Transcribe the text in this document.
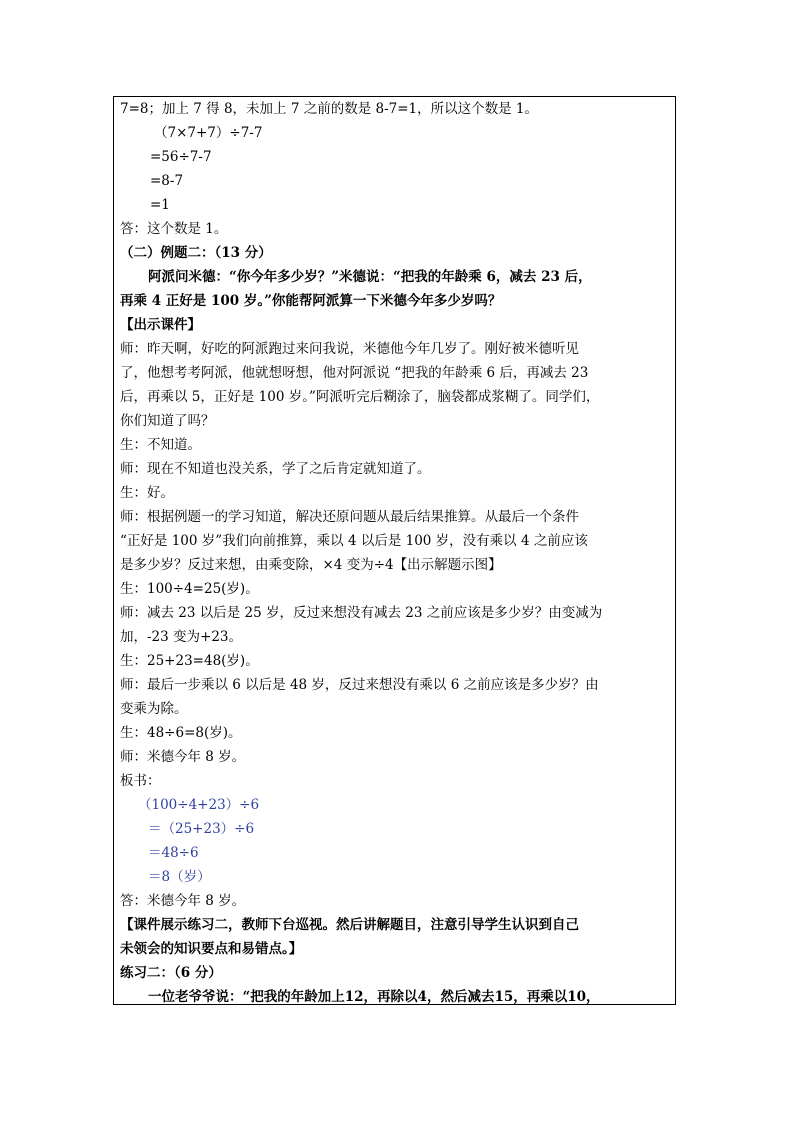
7=8；加上 7 得 8，未加上 7 之前的数是 8-7=1，所以这个数是 1。
（7×7+7）÷7-7
=56÷7-7
=8-7
=1
答：这个数是 1。
（二）例题二：（13 分）
阿派问米德：“你今年多少岁？”米德说：“把我的年龄乘 6，减去 23 后，
再乘 4 正好是 100 岁。”你能帮阿派算一下米德今年多少岁吗？
【出示课件】
师：昨天啊，好吃的阿派跑过来问我说，米德他今年几岁了。刚好被米德听见
了，他想考考阿派，他就想呀想，他对阿派说 “把我的年龄乘 6 后，再减去 23
后，再乘以 5，正好是 100 岁。”阿派听完后糊涂了，脑袋都成浆糊了。同学们，
你们知道了吗？
生：不知道。
师：现在不知道也没关系，学了之后肯定就知道了。
生：好。
师：根据例题一的学习知道，解决还原问题从最后结果推算。从最后一个条件
“正好是 100 岁”我们向前推算，乘以 4 以后是 100 岁，没有乘以 4 之前应该
是多少岁？反过来想，由乘变除，×4 变为÷4【出示解题示图】
生：100÷4=25(岁)。
师：减去 23 以后是 25 岁，反过来想没有减去 23 之前应该是多少岁？由变减为
加，-23 变为+23。
生：25+23=48(岁)。
师：最后一步乘以 6 以后是 48 岁，反过来想没有乘以 6 之前应该是多少岁？由
变乘为除。
生：48÷6=8(岁)。
师：米德今年 8 岁。
板书：
（100÷4+23）÷6
＝（25+23）÷6
＝48÷6
＝8（岁）
答：米德今年 8 岁。
【课件展示练习二，教师下台巡视。然后讲解题目，注意引导学生认识到自己
未领会的知识要点和易错点。】
练习二：（6 分）
一位老爷爷说：“把我的年龄加上12，再除以4，然后减去15，再乘以10，
